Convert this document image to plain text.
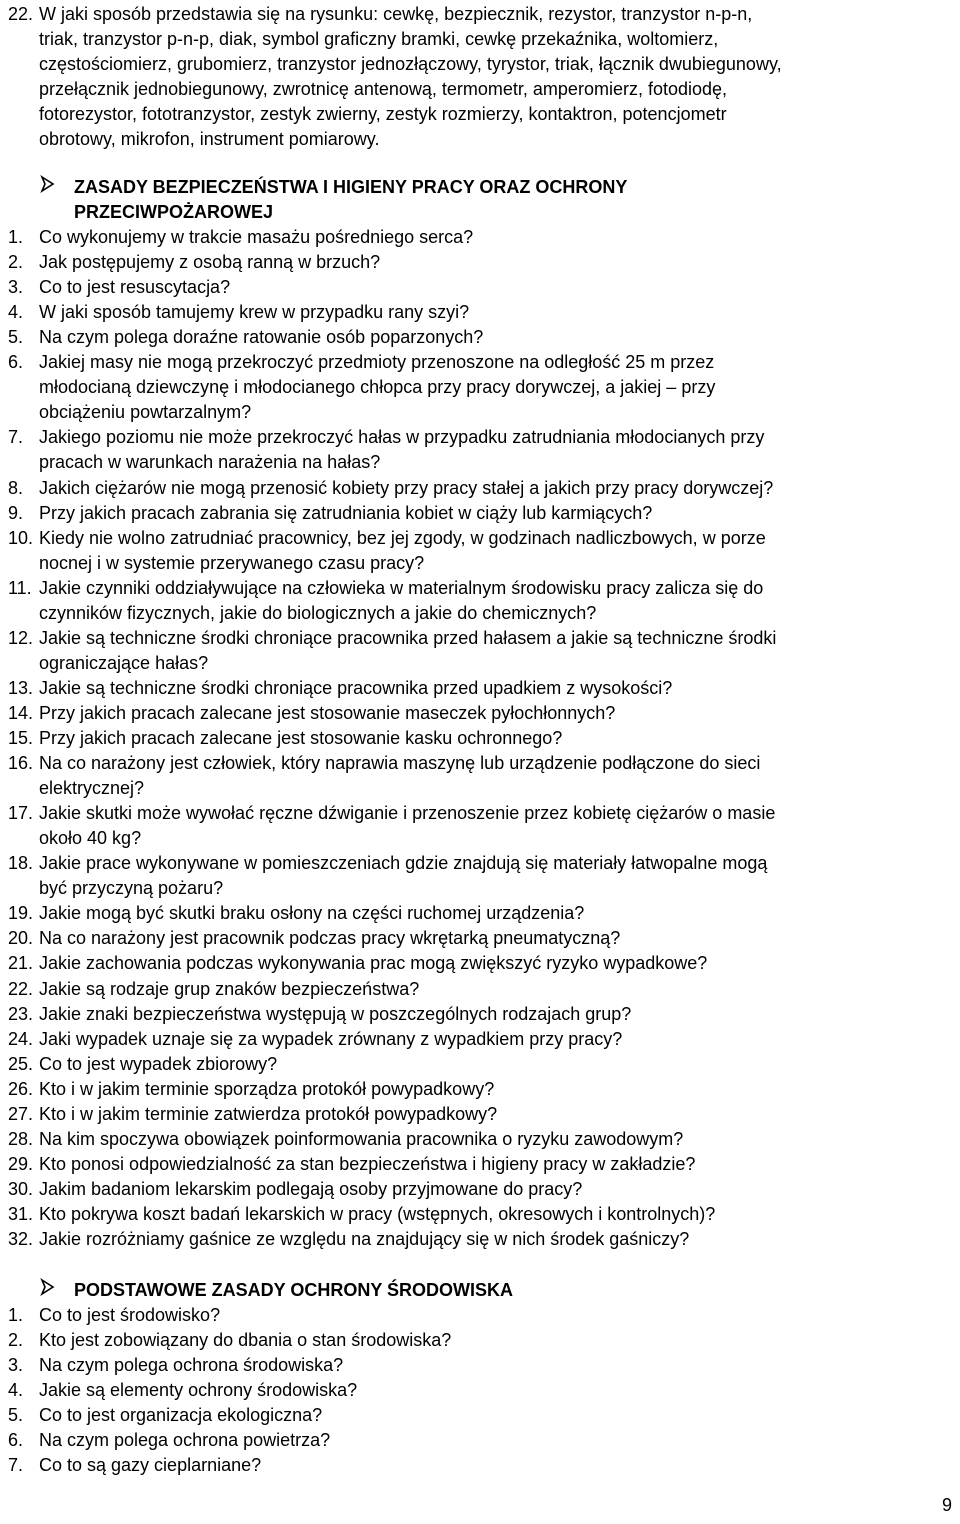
22. W jaki sposób przedstawia się na rysunku: cewkę, bezpiecznik, rezystor, tranzystor n-p-n,
triak, tranzystor p-n-p, diak, symbol graficzny bramki, cewkę przekaźnika, woltomierz,
częstościomierz, grubomierz, tranzystor jednozłączowy, tyrystor, triak, łącznik dwubiegunowy,
przełącznik jednobiegunowy, zwrotnicę antenową, termometr, amperomierz, fotodiodę,
fotorezystor, fototranzystor, zestyk zwierny, zestyk rozmierzy, kontaktron, potencjometr
obrotowy, mikrofon, instrument pomiarowy.
ZASADY BEZPIECZEŃSTWA I HIGIENY PRACY ORAZ OCHRONY
PRZECIWPOŻAROWEJ
1. Co wykonujemy w trakcie masażu pośredniego serca?
2. Jak postępujemy z osobą ranną w brzuch?
3. Co to jest resuscytacja?
4. W jaki sposób tamujemy krew w przypadku rany szyi?
5. Na czym polega doraźne ratowanie osób poparzonych?
6. Jakiej masy nie mogą przekroczyć przedmioty przenoszone na odległość 25 m przez
młodocianą dziewczynę i młodocianego chłopca przy pracy dorywczej, a jakiej – przy
obciążeniu powtarzalnym?
7. Jakiego poziomu nie może przekroczyć hałas w przypadku zatrudniania młodocianych przy
pracach w warunkach narażenia na hałas?
8. Jakich ciężarów nie mogą przenosić kobiety przy pracy stałej a jakich przy pracy dorywczej?
9. Przy jakich pracach zabrania się zatrudniania kobiet w ciąży lub karmiących?
10. Kiedy nie wolno zatrudniać pracownicy, bez jej zgody, w godzinach nadliczbowych, w porze
nocnej i w systemie przerywanego czasu pracy?
11. Jakie czynniki oddziaływujące na człowieka w materialnym środowisku pracy zalicza się do
czynników fizycznych, jakie do biologicznych a jakie do chemicznych?
12. Jakie są techniczne środki chroniące pracownika przed hałasem a jakie są techniczne środki
ograniczające hałas?
13. Jakie są techniczne środki chroniące pracownika przed upadkiem z wysokości?
14. Przy jakich pracach zalecane jest stosowanie maseczek pyłochłonnych?
15. Przy jakich pracach zalecane jest stosowanie kasku ochronnego?
16. Na co narażony jest człowiek, który naprawia maszynę lub urządzenie podłączone do sieci
elektrycznej?
17. Jakie skutki może wywołać ręczne dźwiganie i przenoszenie przez kobietę ciężarów o masie
około 40 kg?
18. Jakie prace wykonywane w pomieszczeniach gdzie znajdują się materiały łatwopalne mogą
być przyczyną pożaru?
19. Jakie mogą być skutki braku osłony na części ruchomej urządzenia?
20. Na co narażony jest pracownik podczas pracy wkrętarką pneumatyczną?
21. Jakie zachowania podczas wykonywania prac mogą zwiększyć ryzyko wypadkowe?
22. Jakie są rodzaje grup znaków bezpieczeństwa?
23. Jakie znaki bezpieczeństwa występują w poszczególnych rodzajach grup?
24. Jaki wypadek uznaje się za wypadek zrównany z wypadkiem przy pracy?
25. Co to jest wypadek zbiorowy?
26. Kto i w jakim terminie sporządza protokół powypadkowy?
27. Kto i w jakim terminie zatwierdza protokół powypadkowy?
28. Na kim spoczywa obowiązek poinformowania pracownika o ryzyku zawodowym?
29. Kto ponosi odpowiedzialność za stan bezpieczeństwa i higieny pracy w zakładzie?
30. Jakim badaniom lekarskim podlegają osoby przyjmowane do pracy?
31. Kto pokrywa koszt badań lekarskich w pracy (wstępnych, okresowych i kontrolnych)?
32. Jakie rozróżniamy gaśnice ze względu na znajdujący się w nich środek gaśniczy?
PODSTAWOWE ZASADY OCHRONY ŚRODOWISKA
1. Co to jest środowisko?
2. Kto jest zobowiązany do dbania o stan środowiska?
3. Na czym polega ochrona środowiska?
4. Jakie są elementy ochrony środowiska?
5. Co to jest organizacja ekologiczna?
6. Na czym polega ochrona powietrza?
7. Co to są gazy cieplarniane?
9
